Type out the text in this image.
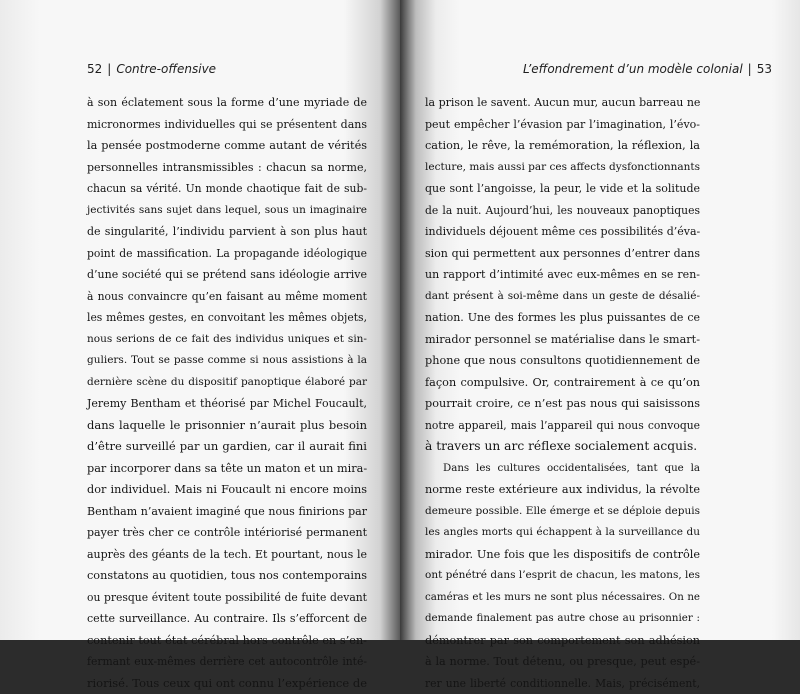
52 | Contre-offensive
à son éclatement sous la forme d’une myriade de
micronormes individuelles qui se présentent dans
la pensée postmoderne comme autant de vérités
personnelles intransmissibles : chacun sa norme,
chacun sa vérité. Un monde chaotique fait de sub-
jectivités sans sujet dans lequel, sous un imaginaire
de singularité, l’individu parvient à son plus haut
point de massification. La propagande idéologique
d’une société qui se prétend sans idéologie arrive
à nous convaincre qu’en faisant au même moment
les mêmes gestes, en convoitant les mêmes objets,
nous serions de ce fait des individus uniques et sin-
guliers. Tout se passe comme si nous assistions à la
dernière scène du dispositif panoptique élaboré par
Jeremy Bentham et théorisé par Michel Foucault,
dans laquelle le prisonnier n’aurait plus besoin
d’être surveillé par un gardien, car il aurait fini
par incorporer dans sa tête un maton et un mira-
dor individuel. Mais ni Foucault ni encore moins
Bentham n’avaient imaginé que nous finirions par
payer très cher ce contrôle intériorisé permanent
auprès des géants de la tech. Et pourtant, nous le
constatons au quotidien, tous nos contemporains
ou presque évitent toute possibilité de fuite devant
cette surveillance. Au contraire. Ils s’efforcent de
contenir tout état cérébral hors contrôle en s’en-
fermant eux-mêmes derrière cet autocontrôle inté-
riorisé. Tous ceux qui ont connu l’expérience de
L’effondrement d’un modèle colonial | 53
la prison le savent. Aucun mur, aucun barreau ne
peut empêcher l’évasion par l’imagination, l’évo-
cation, le rêve, la remémoration, la réflexion, la
lecture, mais aussi par ces affects dysfonctionnants
que sont l’angoisse, la peur, le vide et la solitude
de la nuit. Aujourd’hui, les nouveaux panoptiques
individuels déjouent même ces possibilités d’éva-
sion qui permettent aux personnes d’entrer dans
un rapport d’intimité avec eux-mêmes en se ren-
dant présent à soi-même dans un geste de désalié-
nation. Une des formes les plus puissantes de ce
mirador personnel se matérialise dans le smart-
phone que nous consultons quotidiennement de
façon compulsive. Or, contrairement à ce qu’on
pourrait croire, ce n’est pas nous qui saisissons
notre appareil, mais l’appareil qui nous convoque
à travers un arc réflexe socialement acquis.
Dans les cultures occidentalisées, tant que la
norme reste extérieure aux individus, la révolte
demeure possible. Elle émerge et se déploie depuis
les angles morts qui échappent à la surveillance du
mirador. Une fois que les dispositifs de contrôle
ont pénétré dans l’esprit de chacun, les matons, les
caméras et les murs ne sont plus nécessaires. On ne
demande finalement pas autre chose au prisonnier :
démontrer par son comportement son adhésion
à la norme. Tout détenu, ou presque, peut espé-
rer une liberté conditionnelle. Mais, précisément,
